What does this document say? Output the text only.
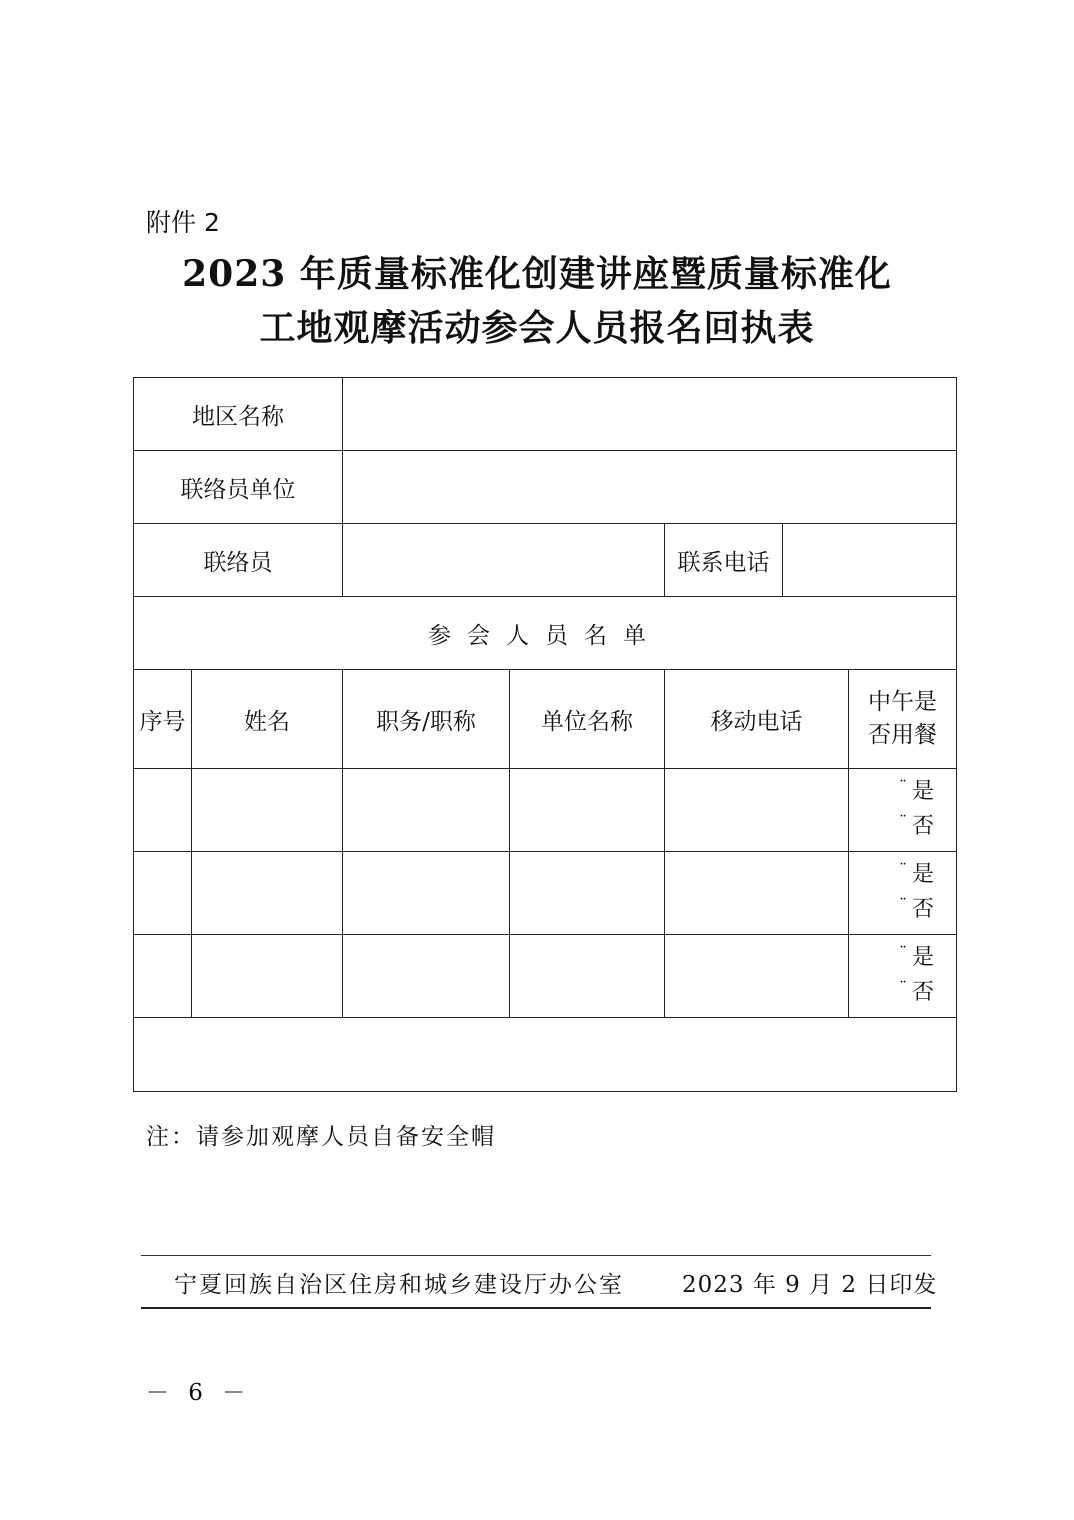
附件 2
2023 年质量标准化创建讲座暨质量标准化
工地观摩活动参会人员报名回执表
地区名称					
联络员单位					
联络员				联系电话	

参会人员名单					
序号	姓名	职务/职称	单位名称	移动电话	中午是
否用餐

					¨ 是
¨ 否

					¨ 是
¨ 否

					¨ 是
¨ 否

注：请参加观摩人员自备安全帽
宁夏回族自治区住房和城乡建设厅办公室	2023 年 9 月 2 日印发
－ 6 －
